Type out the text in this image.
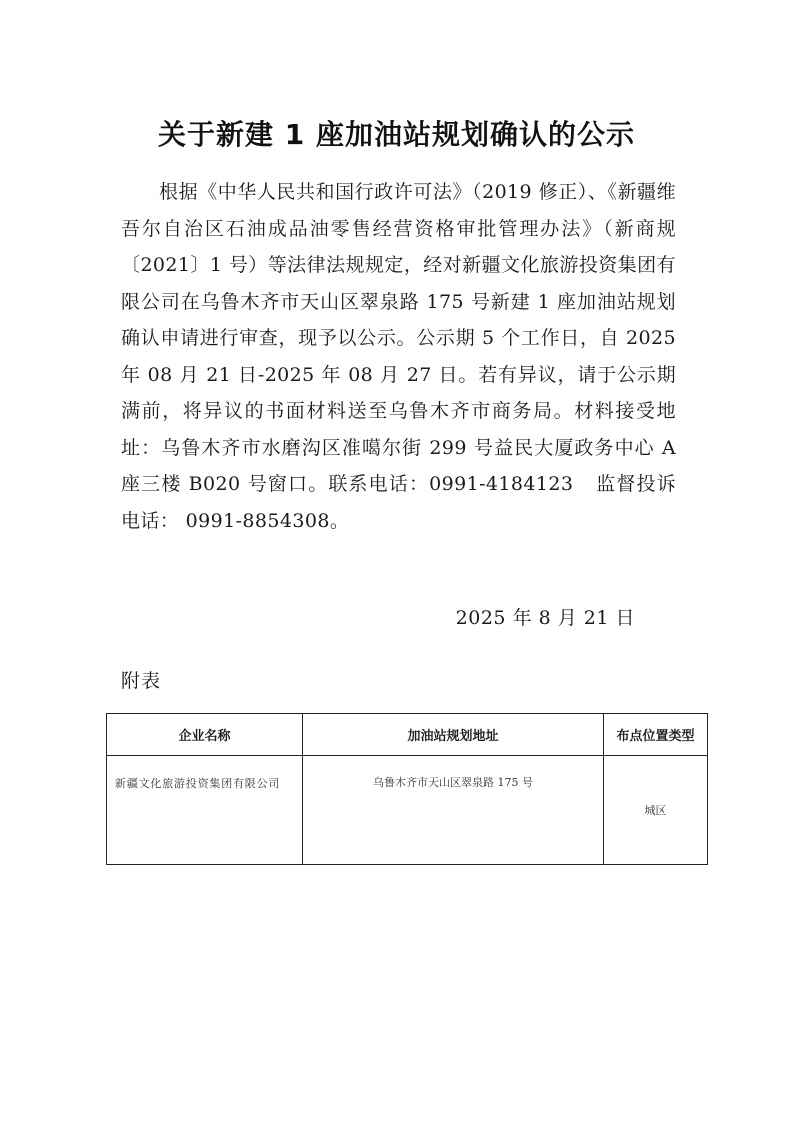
关于新建 1 座加油站规划确认的公示
根据《中华人民共和国行政许可法》（2019 修正）、《新疆维吾尔自治区石油成品油零售经营资格审批管理办法》（新商规〔2021〕1 号）等法律法规规定，经对新疆文化旅游投资集团有限公司在乌鲁木齐市天山区翠泉路 175 号新建 1 座加油站规划确认申请进行审查，现予以公示。公示期 5 个工作日，自 2025 年 08 月 21 日-2025 年 08 月 27 日。若有异议，请于公示期满前，将异议的书面材料送至乌鲁木齐市商务局。材料接受地址：乌鲁木齐市水磨沟区准噶尔街 299 号益民大厦政务中心 A 座三楼 B020 号窗口。联系电话：0991-4184123 监督投诉电话： 0991-8854308。
2025 年 8 月 21 日
附表
企业名称	加油站规划地址	布点位置类型
新疆文化旅游投资集团有限公司	乌鲁木齐市天山区翠泉路 175 号	城区
